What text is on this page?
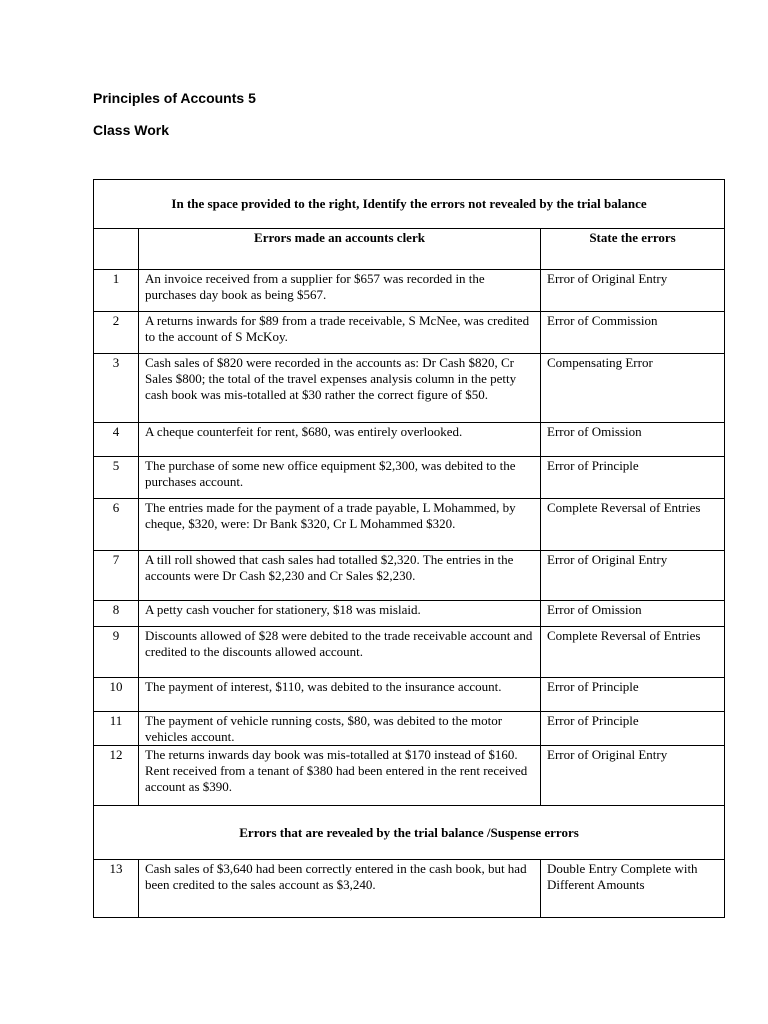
Principles of Accounts 5
Class Work
In the space provided to the right, Identify the errors not revealed by the trial balance		
	Errors made an accounts clerk	State the errors
1	An invoice received from a supplier for $657 was recorded in the purchases day book as being $567.	Error of Original Entry
2	A returns inwards for $89 from a trade receivable, S McNee, was credited to the account of S McKoy.	Error of Commission
3	Cash sales of $820 were recorded in the accounts as: Dr Cash $820, Cr Sales $800; the total of the travel expenses analysis column in the petty cash book was mis-totalled at $30 rather the correct figure of $50.	Compensating Error
4	A cheque counterfeit for rent, $680, was entirely overlooked.	Error of Omission
5	The purchase of some new office equipment $2,300, was debited to the purchases account.	Error of Principle
6	The entries made for the payment of a trade payable, L Mohammed, by cheque, $320, were: Dr Bank $320, Cr L Mohammed $320.	Complete Reversal of Entries
7	A till roll showed that cash sales had totalled $2,320. The entries in the accounts were Dr Cash $2,230 and Cr Sales $2,230.	Error of Original Entry
8	A petty cash voucher for stationery, $18 was mislaid.	Error of Omission
9	Discounts allowed of $28 were debited to the trade receivable account and credited to the discounts allowed account.	Complete Reversal of Entries
10	The payment of interest, $110, was debited to the insurance account.	Error of Principle
11	The payment of vehicle running costs, $80, was debited to the motor vehicles account.	Error of Principle
12	The returns inwards day book was mis-totalled at $170 instead of $160. Rent received from a tenant of $380 had been entered in the rent received account as $390.	Error of Original Entry
Errors that are revealed by the trial balance /Suspense errors		
13	Cash sales of $3,640 had been correctly entered in the cash book, but had been credited to the sales account as $3,240.	Double Entry Complete with Different Amounts
